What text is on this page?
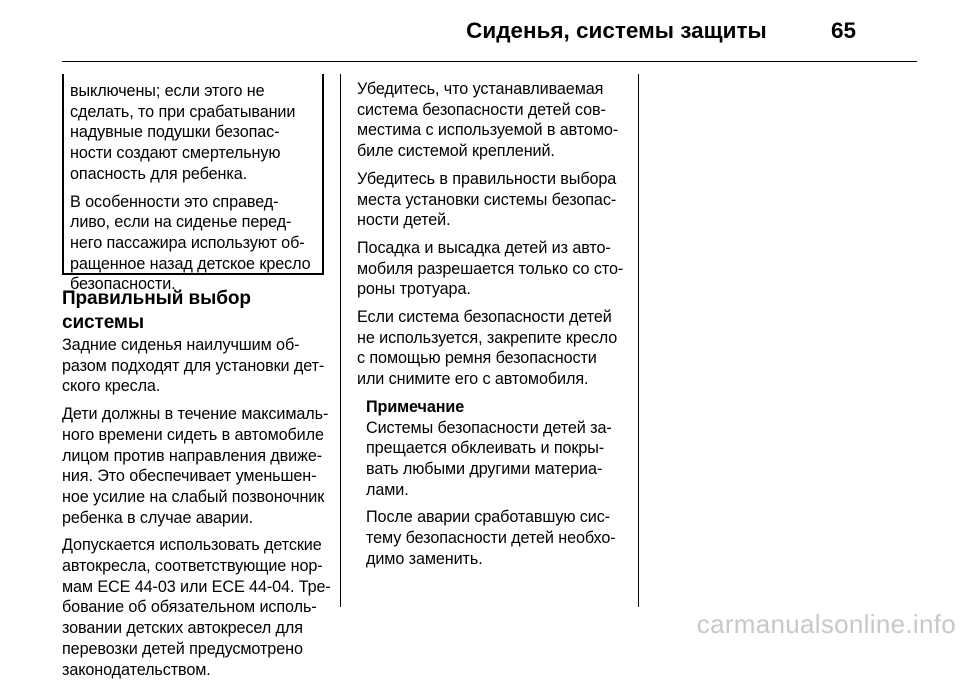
Сиденья, системы защиты	65

выключены; если этого не
сделать, то при срабатывании
надувные подушки безопас-
ности создают смертельную
опасность для ребенка.

В особенности это справед-
ливо, если на сиденье перед-
него пассажира используют об-
ращенное назад детское кресло
безопасности.

Правильный выбор системы

Задние сиденья наилучшим об-
разом подходят для установки дет-
ского кресла.

Дети должны в течение максималь-
ного времени сидеть в автомобиле
лицом против направления движе-
ния. Это обеспечивает уменьшен-
ное усилие на слабый позвоночник
ребенка в случае аварии.

Допускается использовать детские
автокресла, соответствующие нор-
мам ECE 44-03 или ECE 44-04. Тре-
бование об обязательном исполь-
зовании детских автокресел для
перевозки детей предусмотрено
законодательством.

Убедитесь, что устанавливаемая
система безопасности детей сов-
местима с используемой в автомо-
биле системой креплений.

Убедитесь в правильности выбора
места установки системы безопас-
ности детей.

Посадка и высадка детей из авто-
мобиля разрешается только со сто-
роны тротуара.

Если система безопасности детей
не используется, закрепите кресло
с помощью ремня безопасности
или снимите его с автомобиля.

Примечание

Системы безопасности детей за-
прещается обклеивать и покры-
вать любыми другими материа-
лами.

После аварии сработавшую сис-
тему безопасности детей необхо-
димо заменить.

carmanualsonline.info
